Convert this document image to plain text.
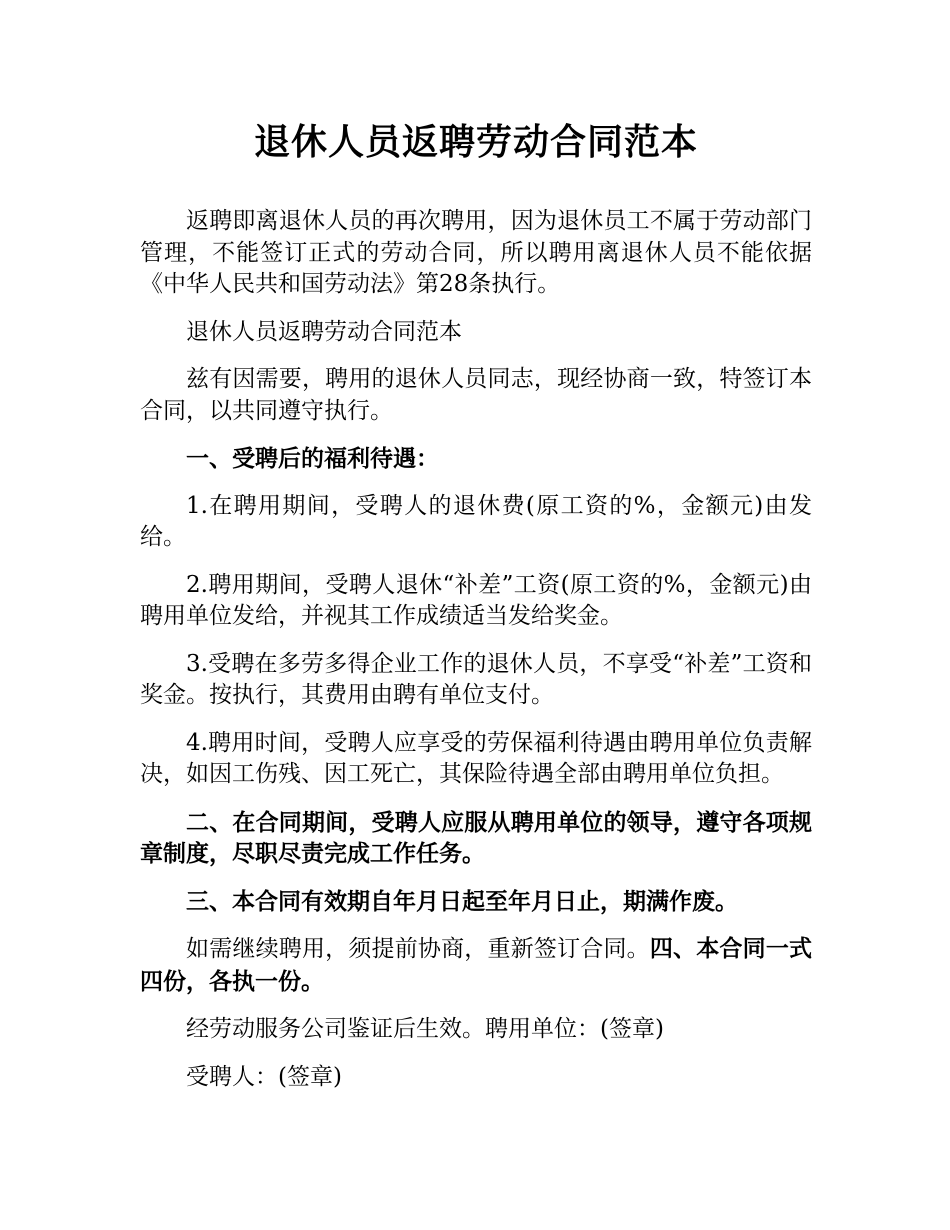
退休人员返聘劳动合同范本

返聘即离退休人员的再次聘用，因为退休员工不属于劳动部门管理，不能签订正式的劳动合同，所以聘用离退休人员不能依据《中华人民共和国劳动法》第28条执行。

退休人员返聘劳动合同范本

兹有因需要，聘用的退休人员同志，现经协商一致，特签订本合同，以共同遵守执行。

一、受聘后的福利待遇：

1.在聘用期间，受聘人的退休费(原工资的%，金额元)由发给。

2.聘用期间，受聘人退休“补差”工资(原工资的%，金额元)由聘用单位发给，并视其工作成绩适当发给奖金。

3.受聘在多劳多得企业工作的退休人员，不享受“补差”工资和奖金。按执行，其费用由聘有单位支付。

4.聘用时间，受聘人应享受的劳保福利待遇由聘用单位负责解决，如因工伤残、因工死亡，其保险待遇全部由聘用单位负担。

二、在合同期间，受聘人应服从聘用单位的领导，遵守各项规章制度，尽职尽责完成工作任务。

三、本合同有效期自年月日起至年月日止，期满作废。

如需继续聘用，须提前协商，重新签订合同。四、本合同一式四份，各执一份。

经劳动服务公司鉴证后生效。聘用单位：(签章)

受聘人：(签章)
